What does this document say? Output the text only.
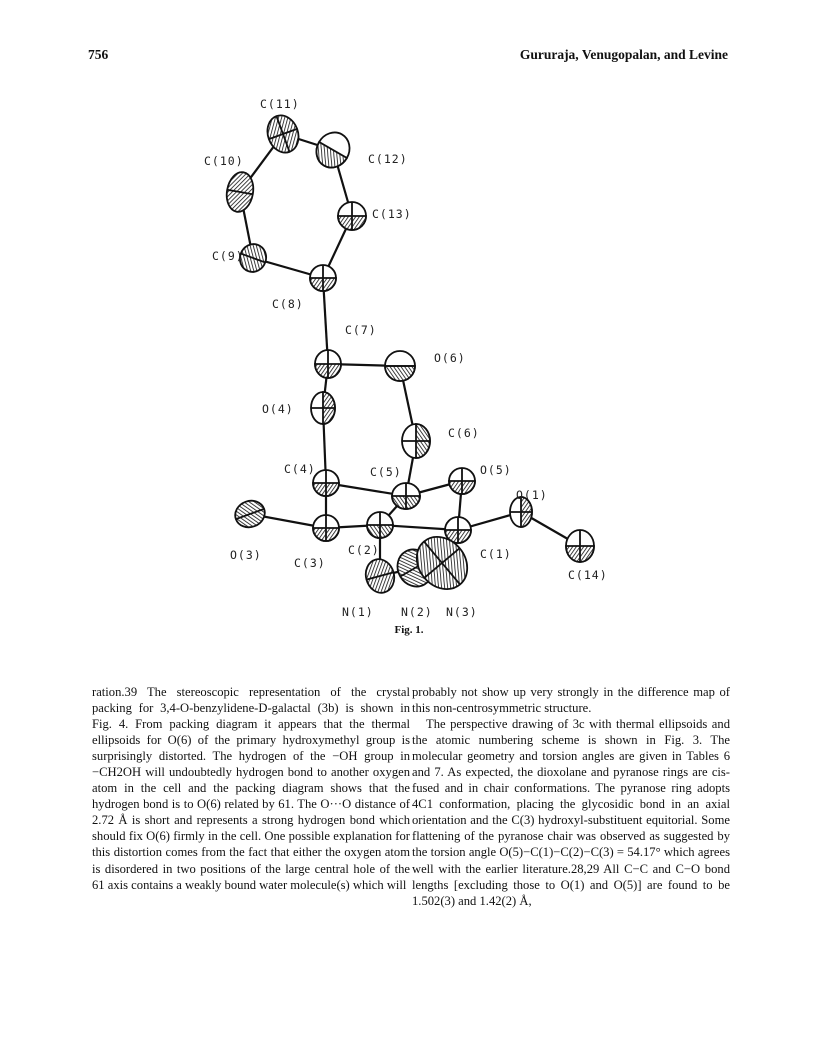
756	Gururaja, Venugopalan, and Levine
C(11)
C(10)	C(12)
C(13)
C(9)
C(8)
C(7)
O(6)
O(4)
C(6)
C(4)	C(5)	O(5)
O(1)
O(3)
C(3)
C(2)	C(1)
C(14)
N(1) N(2) N(3)
Fig. 1.

ration.39 The stereoscopic representation of the crystal packing for 3,4-O-benzylidene-D-galactal (3b) is shown in Fig. 4. From packing diagram it appears that the thermal ellipsoids for O(6) of the primary hydroxymethyl group is surprisingly distorted. The hydrogen of the −OH group in −CH2OH will undoubtedly hydrogen bond to another oxygen atom in the cell and the packing diagram shows that the hydrogen bond is to O(6) related by 61. The O···O distance of 2.72 Å is short and represents a strong hydrogen bond which should fix O(6) firmly in the cell. One possible explanation for this distortion comes from the fact that either the oxygen atom is disordered in two positions of the large central hole of the 61 axis contains a weakly bound water molecule(s) which will

probably not show up very strongly in the difference map of this non-centrosymmetric structure.

The perspective drawing of 3c with thermal ellipsoids and the atomic numbering scheme is shown in Fig. 3. The molecular geometry and torsion angles are given in Tables 6 and 7. As expected, the dioxolane and pyranose rings are cis-fused and in chair conformations. The pyranose ring adopts 4C1 conformation, placing the glycosidic bond in an axial orientation and the C(3) hydroxyl-substituent equitorial. Some flattening of the pyranose chair was observed as suggested by the torsion angle O(5)−C(1)−C(2)−C(3) = 54.17° which agrees well with the earlier literature.28,29 All C−C and C−O bond lengths [excluding those to O(1) and O(5)] are found to be 1.502(3) and 1.42(2) Å,
